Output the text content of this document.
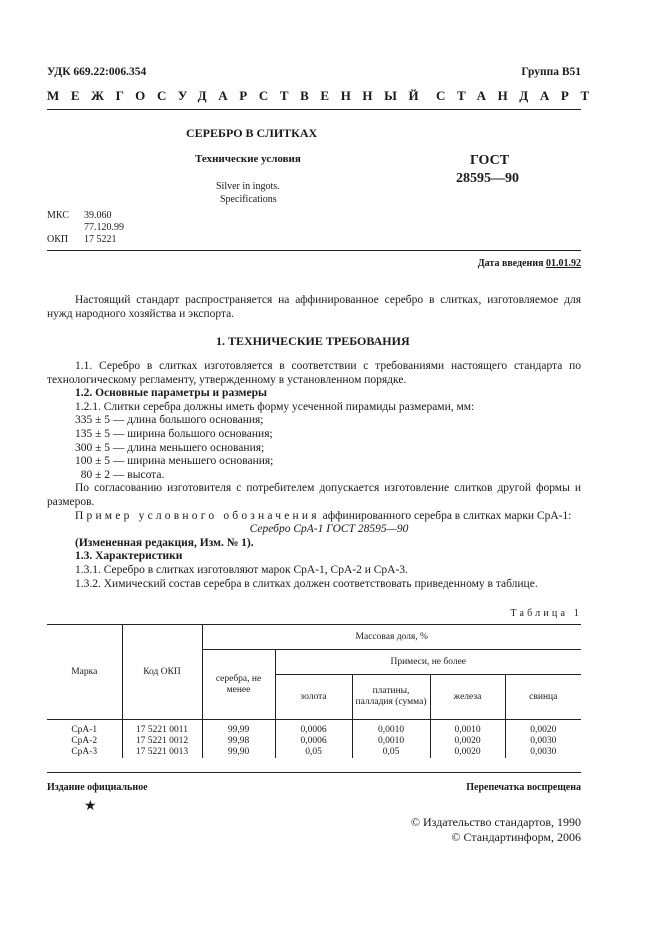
УДК 669.22:006.354	Группа В51
МЕЖГОСУДАРСТВЕННЫЙ СТАНДАРТ
СЕРЕБРО В СЛИТКАХ
Технические условия
Silver in ingots.
Specifications
ГОСТ
28595—90
МКС 39.060
77.120.99
ОКП 17 5221
Дата введения 01.01.92

Настоящий стандарт распространяется на аффинированное серебро в слитках, изготовляемое для нужд народного хозяйства и экспорта.

1. ТЕХНИЧЕСКИЕ ТРЕБОВАНИЯ

1.1. Серебро в слитках изготовляется в соответствии с требованиями настоящего стандарта по технологическому регламенту, утвержденному в установленном порядке.

1.2. Основные параметры и размеры

1.2.1. Слитки серебра должны иметь форму усеченной пирамиды размерами, мм:

335 ± 5 — длина большого основания;

135 ± 5 — ширина большого основания;

300 ± 5 — длина меньшего основания;

100 ± 5 — ширина меньшего основания;

80 ± 2 — высота.

По согласованию изготовителя с потребителем допускается изготовление слитков другой формы и размеров.

Пример условного обозначения аффинированного серебра в слитках марки СрА-1:

Серебро СрА-1 ГОСТ 28595—90

(Измененная редакция, Изм. № 1).

1.3. Характеристики

1.3.1. Серебро в слитках изготовляют марок СрА-1, СрА-2 и СрА-3.

1.3.2. Химический состав серебра в слитках должен соответствовать приведенному в таблице.

Таблица 1
Марка	Код ОКП	Массовая доля, %				
		серебра, не менее	Примеси, не более			
			золота	платины, палладия (сумма)	железа	свинца
СрА-1	17 5221 0011	99,99	0,0006	0,0010	0,0010	0,0020
СрА-2	17 5221 0012	99,98	0,0006	0,0010	0,0020	0,0030
СрА-3	17 5221 0013	99,90	0,05	0,05	0,0020	0,0030
Издание официальное	Перепечатка воспрещена
★
© Издательство стандартов, 1990
© Стандартинформ, 2006
